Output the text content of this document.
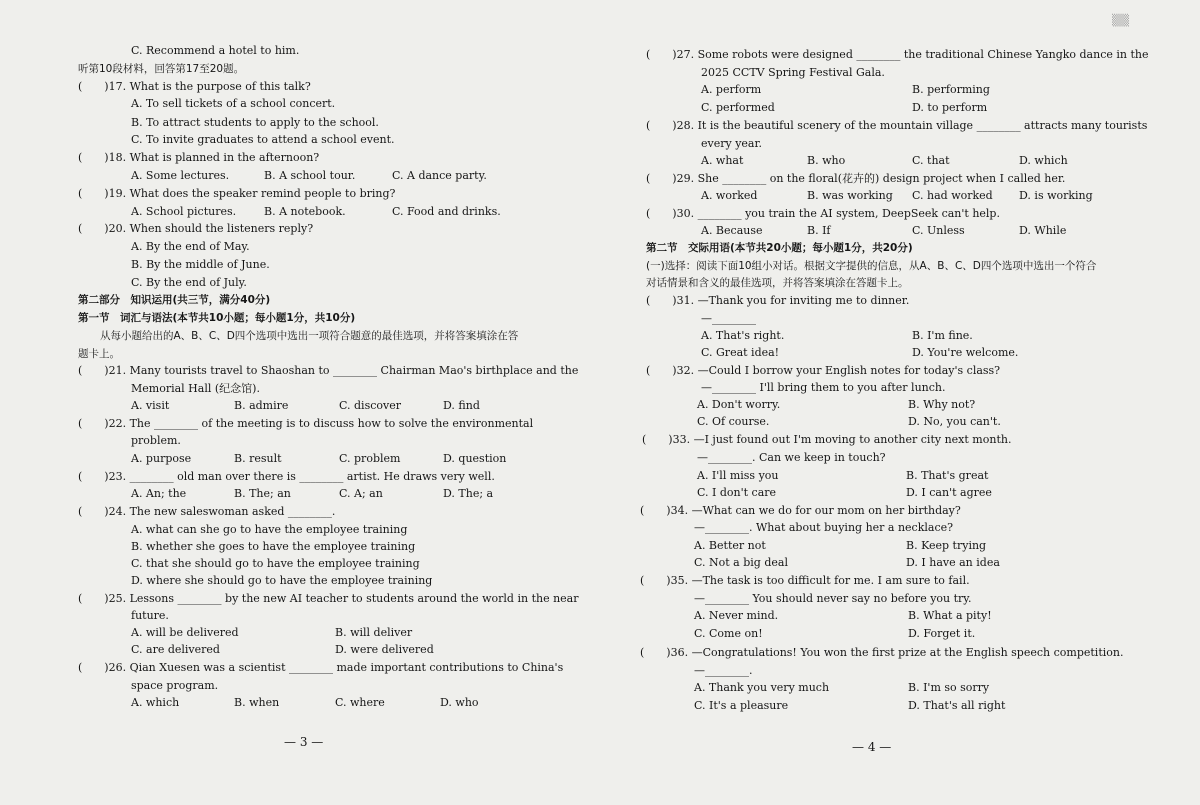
C. Recommend a hotel to him.
听第10段材料，回答第17至20题。
(　　)17. What is the purpose of this talk?
A. To sell tickets of a school concert.
B. To attract students to apply to the school.
C. To invite graduates to attend a school event.
(　　)18. What is planned in the afternoon?
A. Some lectures.	B. A school tour.	C. A dance party.
(　　)19. What does the speaker remind people to bring?
A. School pictures.	B. A notebook.	C. Food and drinks.
(　　)20. When should the listeners reply?
A. By the end of May.
B. By the middle of June.
C. By the end of July.
第二部分　知识运用(共三节，满分40分)
第一节　词汇与语法(本节共10小题；每小题1分，共10分)
从每小题给出的A、B、C、D四个选项中选出一项符合题意的最佳选项，并将答案填涂在答
题卡上。
(　　)21. Many tourists travel to Shaoshan to ________ Chairman Mao's birthplace and the
Memorial Hall (纪念馆).
A. visit	B. admire	C. discover	D. find
(　　)22. The ________ of the meeting is to discuss how to solve the environmental
problem.
A. purpose	B. result	C. problem	D. question
(　　)23. ________ old man over there is ________ artist. He draws very well.
A. An; the	B. The; an	C. A; an	D. The; a
(　　)24. The new saleswoman asked ________.
A. what can she go to have the employee training
B. whether she goes to have the employee training
C. that she should go to have the employee training
D. where she should go to have the employee training
(　　)25. Lessons ________ by the new AI teacher to students around the world in the near
future.
A. will be delivered	B. will deliver
C. are delivered	D. were delivered
(　　)26. Qian Xuesen was a scientist ________ made important contributions to China's
space program.
A. which	B. when	C. where	D. who
(　　)27. Some robots were designed ________ the traditional Chinese Yangko dance in the
2025 CCTV Spring Festival Gala.
A. perform	B. performing
C. performed	D. to perform
(　　)28. It is the beautiful scenery of the mountain village ________ attracts many tourists
every year.
A. what	B. who	C. that	D. which
(　　)29. She ________ on the floral(花卉的) design project when I called her.
A. worked	B. was working C. had worked D. is working
(　　)30. ________ you train the AI system, DeepSeek can't help.
A. Because	B. If	C. Unless	D. While
第二节　交际用语(本节共20小题；每小题1分，共20分)
(一)选择：阅读下面10组小对话。根据文字提供的信息，从A、B、C、D四个选项中选出一个符合
对话情景和含义的最佳选项，并将答案填涂在答题卡上。
(　　)31. —Thank you for inviting me to dinner.
—________
A. That's right.	B. I'm fine.
C. Great idea!	D. You're welcome.
(　　)32. —Could I borrow your English notes for today's class?
—________ I'll bring them to you after lunch.
A. Don't worry.	B. Why not?
C. Of course.	D. No, you can't.
(　　)33. —I just found out I'm moving to another city next month.
—________. Can we keep in touch?
A. I'll miss you	B. That's great
C. I don't care	D. I can't agree
(　　)34. —What can we do for our mom on her birthday?
—________. What about buying her a necklace?
A. Better not	B. Keep trying
C. Not a big deal	D. I have an idea
(　　)35. —The task is too difficult for me. I am sure to fail.
—________ You should never say no before you try.
A. Never mind.	B. What a pity!
C. Come on!	D. Forget it.
(　　)36. —Congratulations! You won the first prize at the English speech competition.
—________.
A. Thank you very much	B. I'm so sorry
C. It's a pleasure	D. That's all right
— 3 —	— 4 —
▒▒
